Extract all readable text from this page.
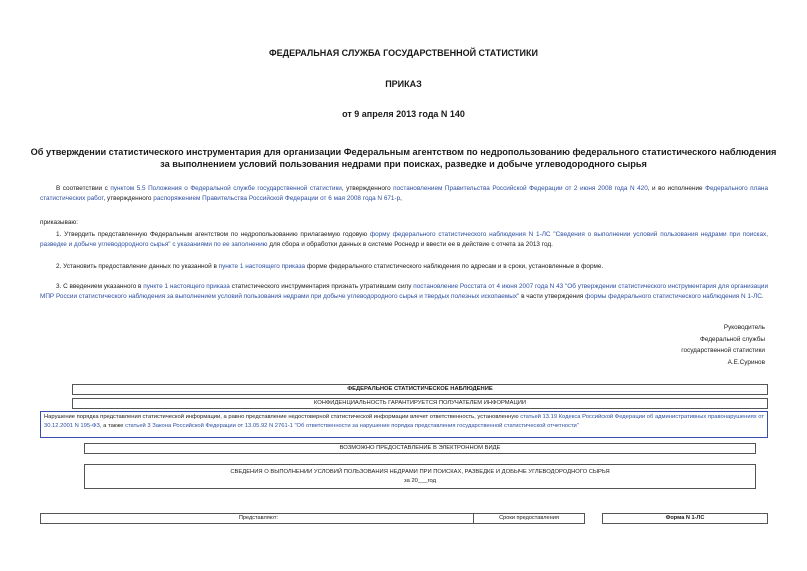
ФЕДЕРАЛЬНАЯ СЛУЖБА ГОСУДАРСТВЕННОЙ СТАТИСТИКИ
ПРИКАЗ
от 9 апреля 2013 года N 140
Об утверждении статистического инструментария для организации Федеральным агентством по недропользованию федерального статистического наблюдения
за выполнением условий пользования недрами при поисках, разведке и добыче углеводородного сырья
В соответствии с пунктом 5.5 Положения о Федеральной службе государственной статистики, утвержденного постановлением Правительства Российской Федерации от 2 июня 2008 года N 420, и во исполнение Федерального плана статистических работ, утвержденного распоряжением Правительства Российской Федерации от 6 мая 2008 года N 671-р,
приказываю:
1. Утвердить представленную Федеральным агентством по недропользованию прилагаемую годовую форму федерального статистического наблюдения N 1-ЛС "Сведения о выполнении условий пользования недрами при поисках, разведке и добыче углеводородного сырья" с указаниями по ее заполнению для сбора и обработки данных в системе Роснедр и ввести ее в действие с отчета за 2013 год.
2. Установить предоставление данных по указанной в пункте 1 настоящего приказа форме федерального статистического наблюдения по адресам и в сроки, установленные в форме.
3. С введением указанного в пункте 1 настоящего приказа статистического инструментария признать утратившим силу постановление Росстата от 4 июня 2007 года N 43 "Об утверждении статистического инструментария для организации МПР России статистического наблюдения за выполнением условий пользования недрами при добыче углеводородного сырья и твердых полезных ископаемых" в части утверждения формы федерального статистического наблюдения N 1-ЛС.
Руководитель
Федеральной службы
государственной статистики
А.Е.Суринов
ФЕДЕРАЛЬНОЕ СТАТИСТИЧЕСКОЕ НАБЛЮДЕНИЕ
КОНФИДЕНЦИАЛЬНОСТЬ ГАРАНТИРУЕТСЯ ПОЛУЧАТЕЛЕМ ИНФОРМАЦИИ
Нарушение порядка представления статистической информации, а равно представление недостоверной статистической информации влечет ответственность, установленную статьей 13.19 Кодекса Российской Федерации об административных правонарушениях от 30.12.2001 N 195-ФЗ, а также статьей 3 Закона Российской Федерации от 13.05.92 N 2761-1 "Об ответственности за нарушение порядка представления государственной статистической отчетности"
ВОЗМОЖНО ПРЕДОСТАВЛЕНИЕ В ЭЛЕКТРОННОМ ВИДЕ
СВЕДЕНИЯ О ВЫПОЛНЕНИИ УСЛОВИЙ ПОЛЬЗОВАНИЯ НЕДРАМИ ПРИ ПОИСКАХ, РАЗВЕДКЕ И ДОБЫЧЕ УГЛЕВОДОРОДНОГО СЫРЬЯ
за 20___год
Представляют:	Сроки предоставления	Форма N 1-ЛС
